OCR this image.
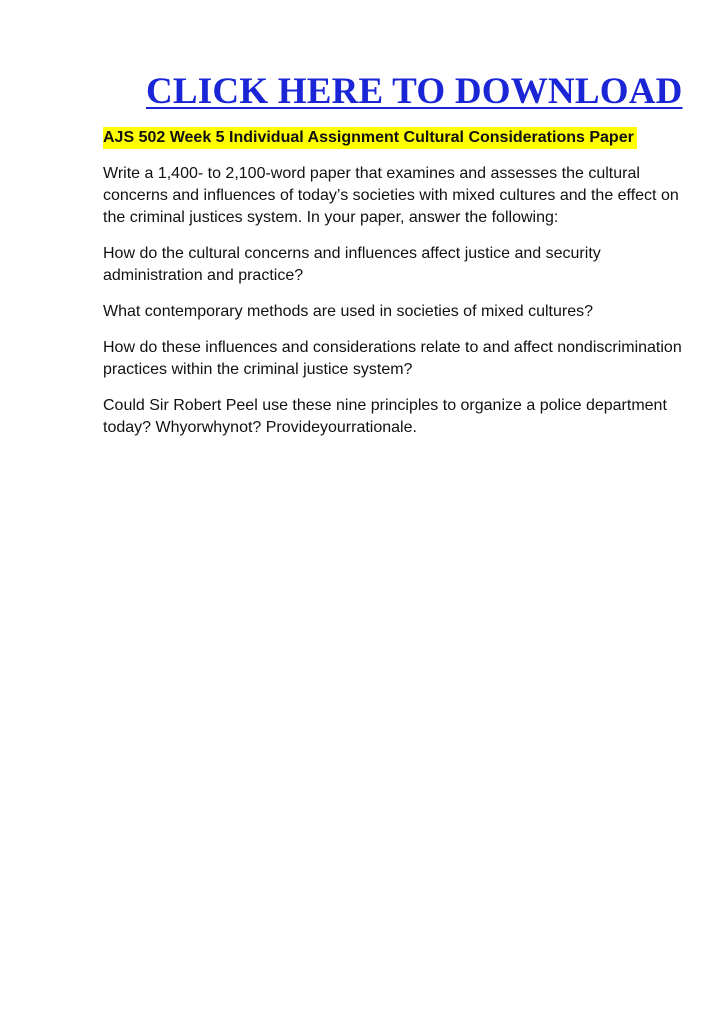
CLICK HERE TO DOWNLOAD
AJS 502 Week 5 Individual Assignment Cultural Considerations Paper

Write a 1,400- to 2,100-word paper that examines and assesses the cultural concerns and influences of today’s societies with mixed cultures and the effect on the criminal justices system. In your paper, answer the following:

How do the cultural concerns and influences affect justice and security administration and practice?

What contemporary methods are used in societies of mixed cultures?

How do these influences and considerations relate to and affect nondiscrimination practices within the criminal justice system?

Could Sir Robert Peel use these nine principles to organize a police department today? Whyorwhynot? Provideyourrationale.
